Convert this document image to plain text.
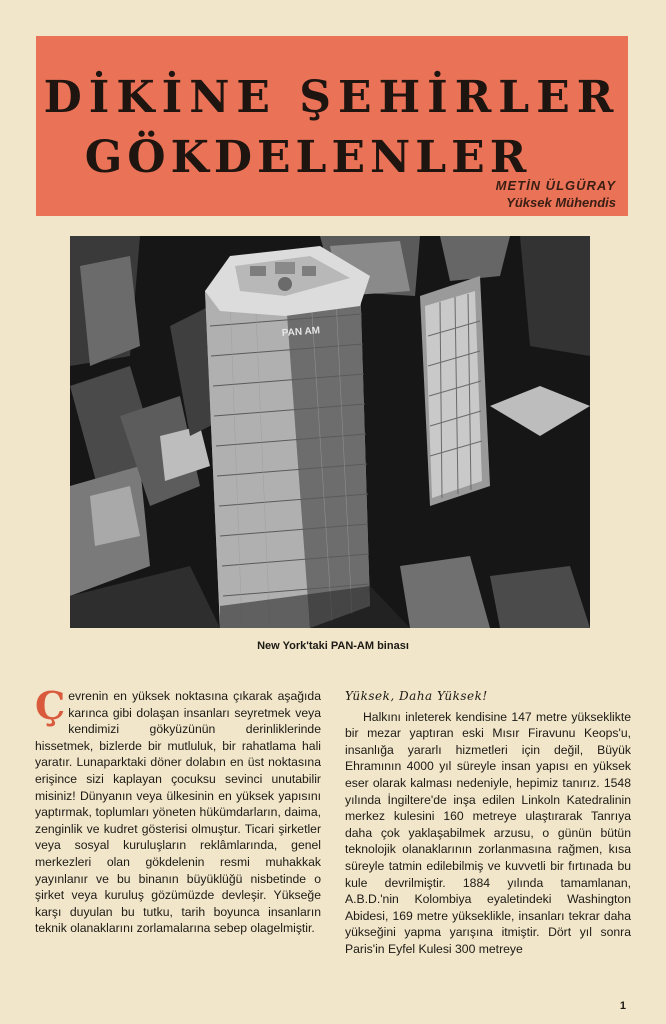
DİKİNE ŞEHİRLER
GÖKDELENLER
METİN ÜLGÜRAY
Yüksek Mühendis
PAN AM
New York'taki PAN-AM binası

Çevrenin en yüksek noktasına çıkarak aşağıda karınca gibi dolaşan insanları seyretmek veya kendimizi gökyüzünün derinliklerinde hissetmek, bizlerde bir mutluluk, bir rahatlama hali yaratır. Lunaparktaki döner dolabın en üst noktasına erişince sizi kaplayan çocuksu sevinci unutabilir misiniz! Dünyanın veya ülkesinin en yüksek yapısını yaptırmak, toplumları yöneten hükümdarların, daima, zenginlik ve kudret gösterisi olmuştur. Ticari şirketler veya sosyal kuruluşların reklâmlarında, genel merkezleri olan gökdelenin resmi muhakkak yayınlanır ve bu binanın büyüklüğü nisbetinde o şirket veya kuruluş gözümüzde devleşir. Yükseğe karşı duyulan bu tutku, tarih boyunca insanların teknik olanaklarını zorlamalarına sebep olagelmiştir.

Yüksek, Daha Yüksek!

Halkını inleterek kendisine 147 metre yükseklikte bir mezar yaptıran eski Mısır Firavunu Keops'u, insanlığa yararlı hizmetleri için değil, Büyük Ehramının 4000 yıl süreyle insan yapısı en yüksek eser olarak kalması nedeniyle, hepimiz tanırız. 1548 yılında İngiltere'de inşa edilen Linkoln Katedralinin merkez kulesini 160 metreye ulaştırarak Tanrıya daha çok yaklaşabilmek arzusu, o günün bütün teknolojik olanaklarının zorlanmasına rağmen, kısa süreyle tatmin edilebilmiş ve kuvvetli bir fırtınada bu kule devrilmiştir. 1884 yılında tamamlanan, A.B.D.'nin Kolombiya eyaletindeki Washington Abidesi, 169 metre yükseklikle, insanları tekrar daha yükseğini yapma yarışına itmiştir. Dört yıl sonra Paris'in Eyfel Kulesi 300 metreye

1
